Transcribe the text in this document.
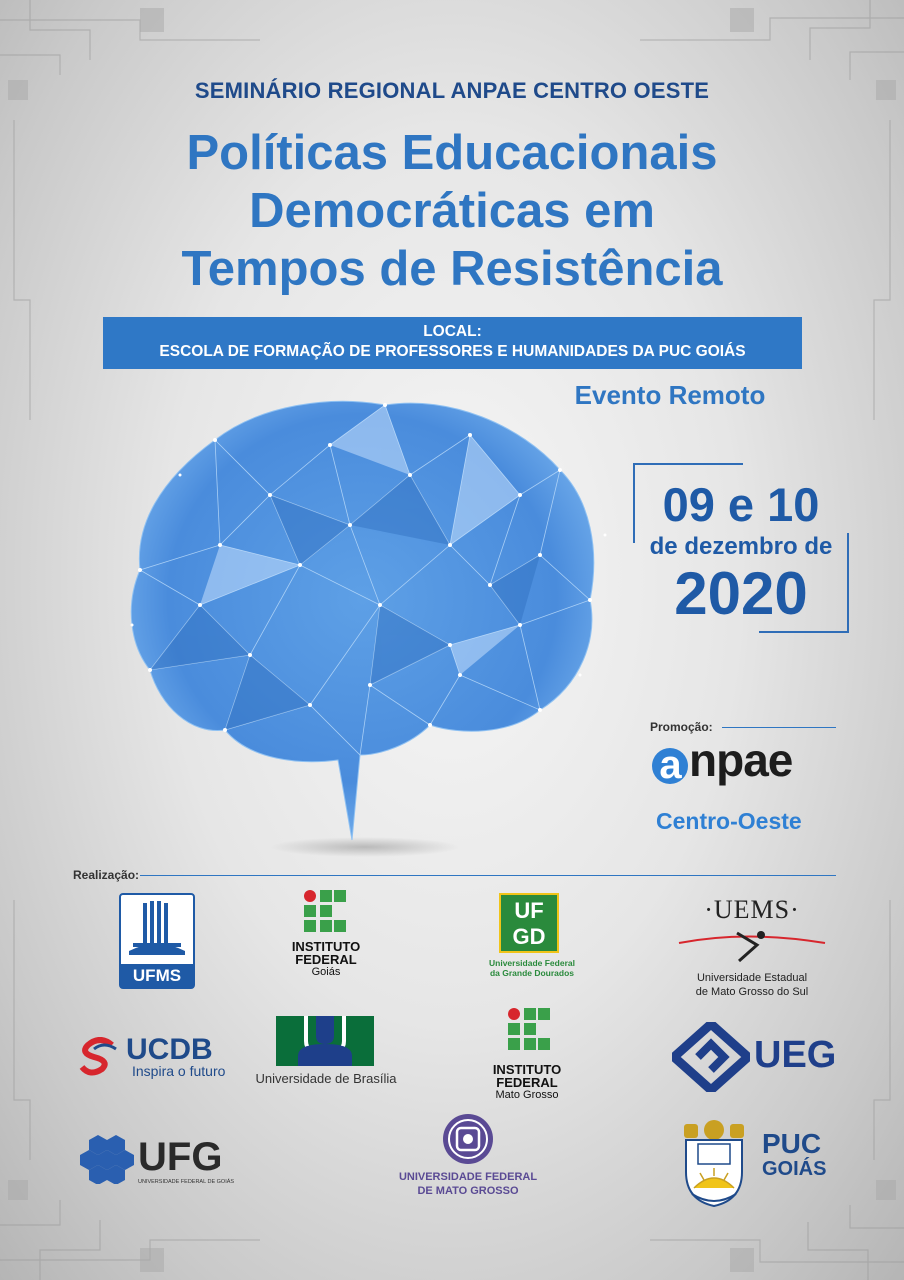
SEMINÁRIO REGIONAL ANPAE CENTRO OESTE
Políticas Educacionais
Democráticas em
Tempos de Resistência
LOCAL:
ESCOLA DE FORMAÇÃO DE PROFESSORES E HUMANIDADES DA PUC GOIÁS
Evento Remoto
09 e 10
de dezembro de
2020
Promoção:
a npae
Centro-Oeste
Realização:
UFMS
INSTITUTO
FEDERAL
Goiás
UF
GD
Universidade Federal
da Grande Dourados
·UEMS·
Universidade Estadual
de Mato Grosso do Sul
UCDB
Inspira o futuro	Universidade de Brasília
INSTITUTO
FEDERAL
Mato Grosso
UEG
UFG
UNIVERSIDADE FEDERAL DE GOIÁS	UNIVERSIDADE FEDERAL
DE MATO GROSSO
PUC
GOIÁS
